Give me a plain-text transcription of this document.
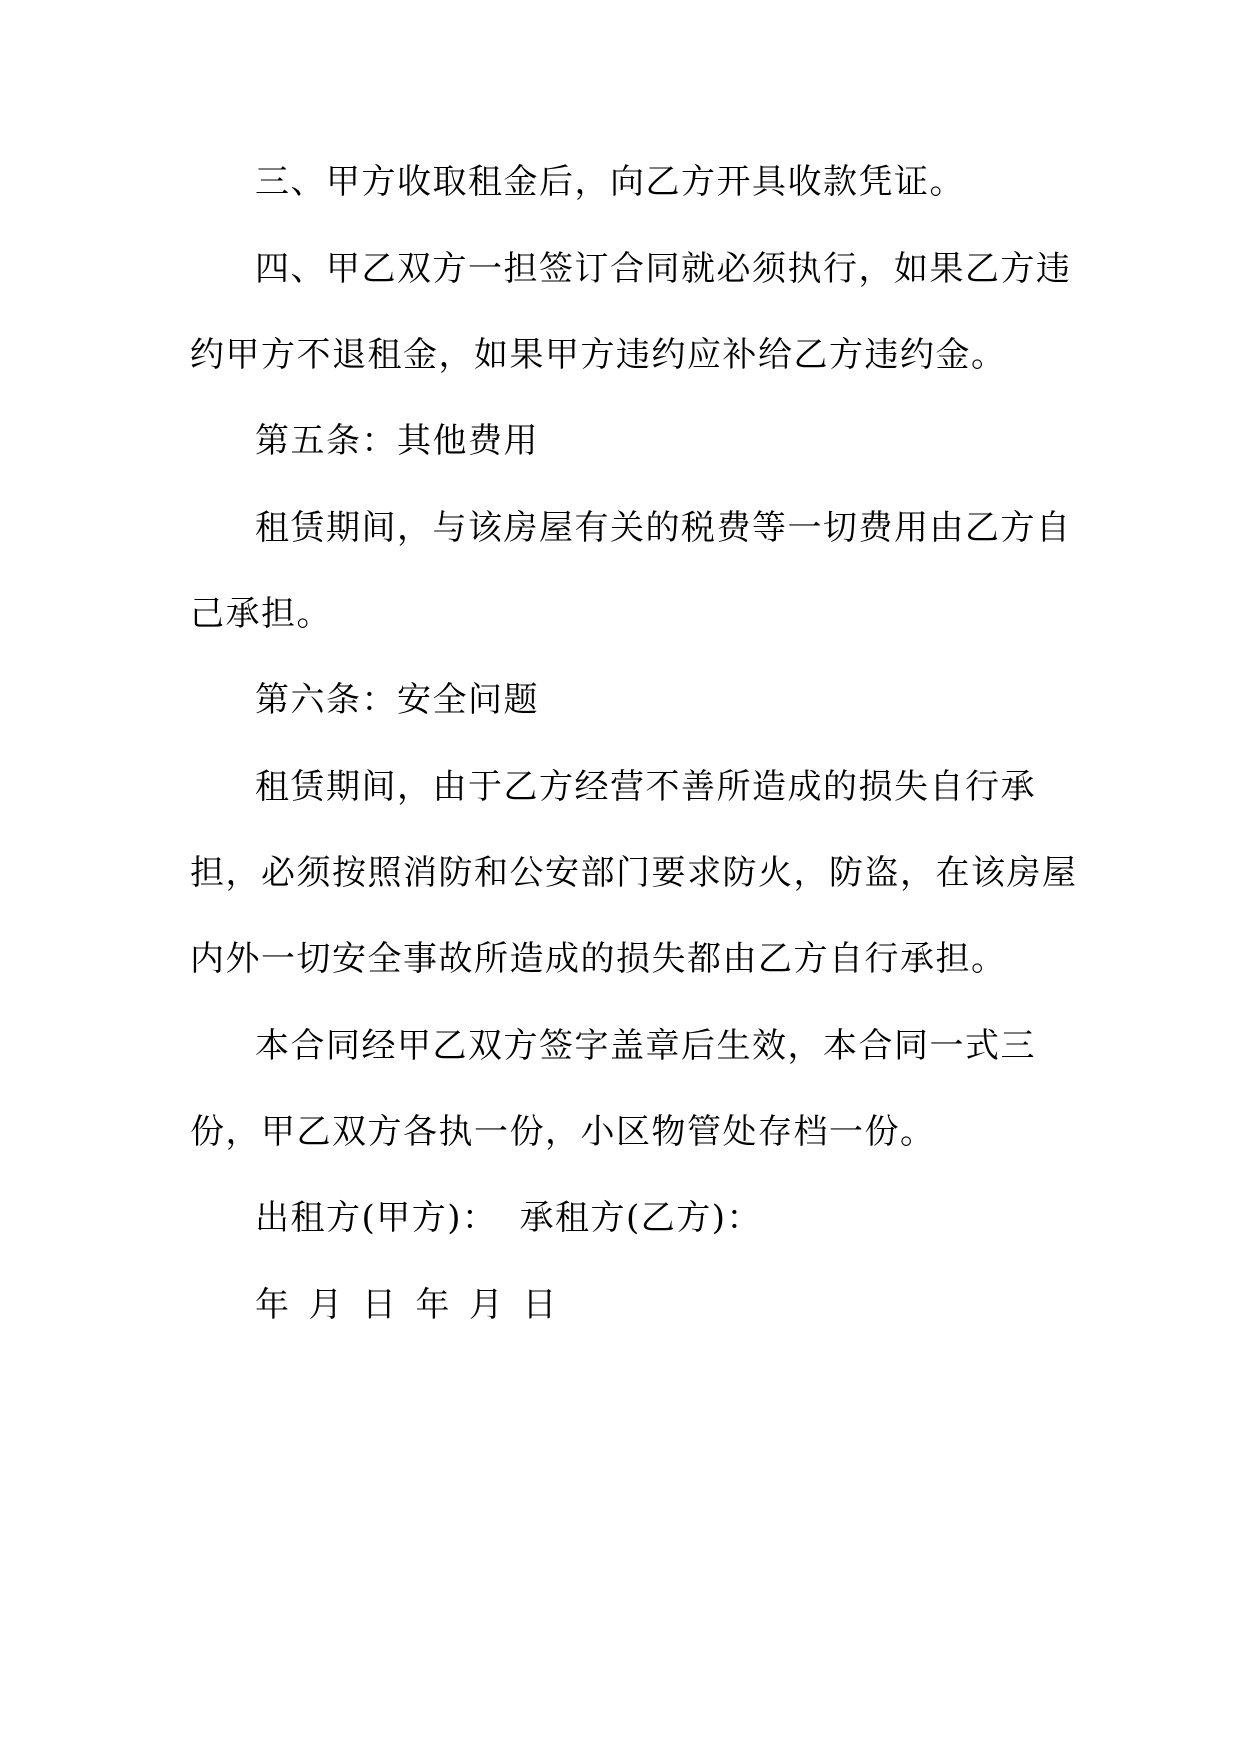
三、甲方收取租金后，向乙方开具收款凭证。
四、甲乙双方一担签订合同就必须执行，如果乙方违
约甲方不退租金，如果甲方违约应补给乙方违约金。
第五条：其他费用
租赁期间，与该房屋有关的税费等一切费用由乙方自
己承担。
第六条：安全问题
租赁期间，由于乙方经营不善所造成的损失自行承
担，必须按照消防和公安部门要求防火，防盗，在该房屋
内外一切安全事故所造成的损失都由乙方自行承担。
本合同经甲乙双方签字盖章后生效，本合同一式三
份，甲乙双方各执一份，小区物管处存档一份。
出租方(甲方)： 承租方(乙方)：
年 月 日 年 月 日
